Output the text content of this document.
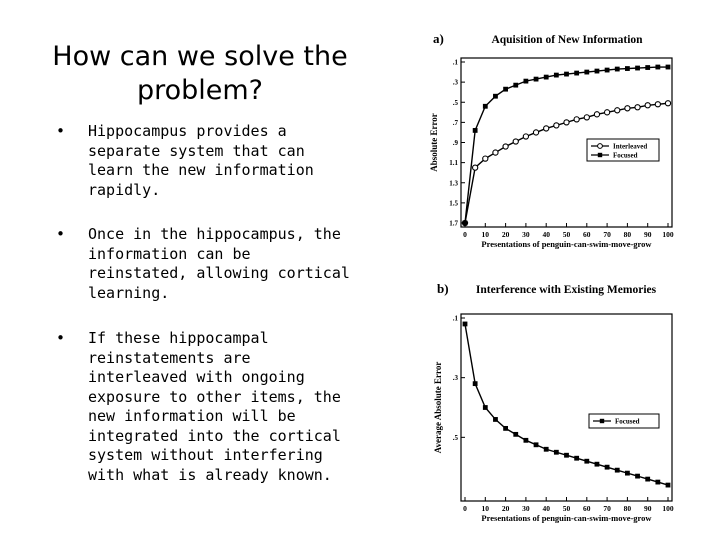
How can we solve the problem?
• Hippocampus provides a separate system that can learn the new information rapidly.
• Once in the hippocampus, the information can be reinstated, allowing cortical learning.
• If these hippocampal reinstatements are interleaved with ongoing exposure to other items, the new information will be integrated into the cortical system without interfering with what is already known.
a)	Aquisition of New Information
0 10 20 30 40 50 60 70 80 90 100
.1
.3
.5
.7
.9
1.1
1.3
1.5
1.7
Presentations of penguin-can-swim-move-grow
Absolute Error	Interleaved
Focused
b) Interference with Existing Memories
0 10 20 30 40 50 60 70 80 90 100
.1
.3
.5
Presentations of penguin-can-swim-move-grow
Average Absolute Error	Focused
